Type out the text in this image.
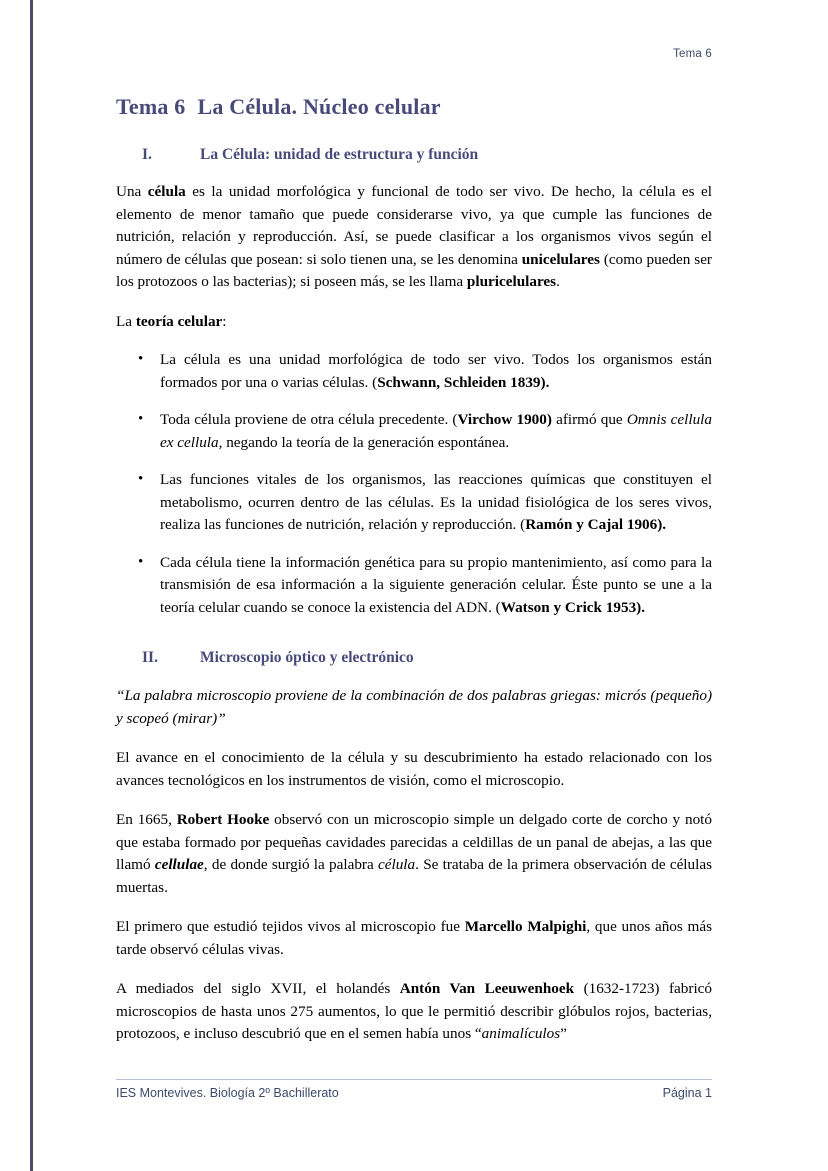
Tema 6
Tema 6 La Célula. Núcleo celular
I.	La Célula: unidad de estructura y función

Una célula es la unidad morfológica y funcional de todo ser vivo. De hecho, la célula es el elemento de menor tamaño que puede considerarse vivo, ya que cumple las funciones de nutrición, relación y reproducción. Así, se puede clasificar a los organismos vivos según el número de células que posean: si solo tienen una, se les denomina unicelulares (como pueden ser los protozoos o las bacterias); si poseen más, se les llama pluricelulares.

La teoría celular:

• La célula es una unidad morfológica de todo ser vivo. Todos los organismos están formados por una o varias células. (Schwann, Schleiden 1839).
• Toda célula proviene de otra célula precedente. (Virchow 1900) afirmó que Omnis cellula ex cellula, negando la teoría de la generación espontánea.
• Las funciones vitales de los organismos, las reacciones químicas que constituyen el metabolismo, ocurren dentro de las células. Es la unidad fisiológica de los seres vivos, realiza las funciones de nutrición, relación y reproducción. (Ramón y Cajal 1906).
• Cada célula tiene la información genética para su propio mantenimiento, así como para la transmisión de esa información a la siguiente generación celular. Éste punto se une a la teoría celular cuando se conoce la existencia del ADN. (Watson y Crick 1953).
II.	Microscopio óptico y electrónico

“La palabra microscopio proviene de la combinación de dos palabras griegas: micrós (pequeño) y scopeó (mirar)”

El avance en el conocimiento de la célula y su descubrimiento ha estado relacionado con los avances tecnológicos en los instrumentos de visión, como el microscopio.

En 1665, Robert Hooke observó con un microscopio simple un delgado corte de corcho y notó que estaba formado por pequeñas cavidades parecidas a celdillas de un panal de abejas, a las que llamó cellulae, de donde surgió la palabra célula. Se trataba de la primera observación de células muertas.

El primero que estudió tejidos vivos al microscopio fue Marcello Malpighi, que unos años más tarde observó células vivas.

A mediados del siglo XVII, el holandés Antón Van Leeuwenhoek (1632-1723) fabricó microscopios de hasta unos 275 aumentos, lo que le permitió describir glóbulos rojos, bacterias, protozoos, e incluso descubrió que en el semen había unos “animalículos”

IES Montevives. Biología 2º Bachillerato	Página 1
